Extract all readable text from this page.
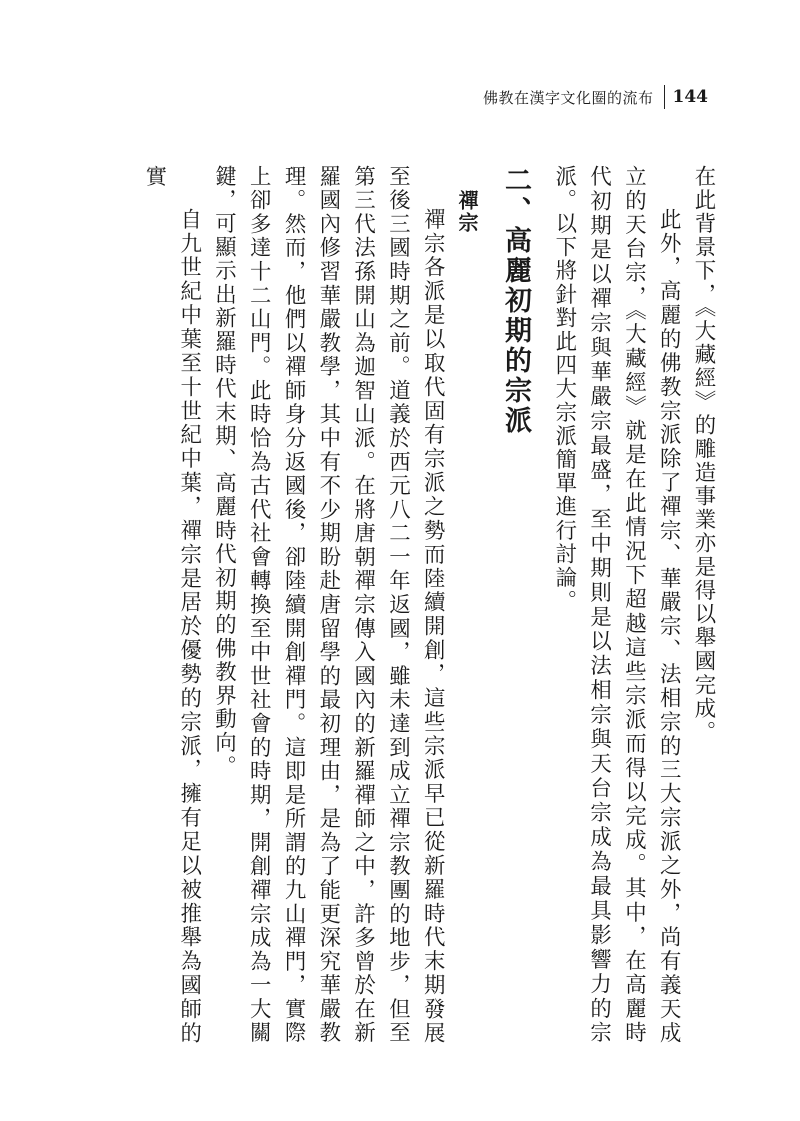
佛教在漢字文化圈的流布 144

在此背景下，《大藏經》的雕造事業亦是得以舉國完成。

此外，高麗的佛教宗派除了禪宗、華嚴宗、法相宗的三大宗派之外，尚有義天成立的天台宗，《大藏經》就是在此情況下超越這些宗派而得以完成。其中，在高麗時代初期是以禪宗與華嚴宗最盛，至中期則是以法相宗與天台宗成為最具影響力的宗派。以下將針對此四大宗派簡單進行討論。

二、高麗初期的宗派
禪宗

禪宗各派是以取代固有宗派之勢而陸續開創，這些宗派早已從新羅時代末期發展至後三國時期之前。道義於西元八二一年返國，雖未達到成立禪宗教團的地步，但至第三代法孫開山為迦智山派。在將唐朝禪宗傳入國內的新羅禪師之中，許多曾於在新羅國內修習華嚴教學，其中有不少期盼赴唐留學的最初理由，是為了能更深究華嚴教理。然而，他們以禪師身分返國後，卻陸續開創禪門。這即是所謂的九山禪門，實際上卻多達十二山門。此時恰為古代社會轉換至中世社會的時期，開創禪宗成為一大關鍵，可顯示出新羅時代末期、高麗時代初期的佛教界動向。

自九世紀中葉至十世紀中葉，禪宗是居於優勢的宗派，擁有足以被推舉為國師的實
